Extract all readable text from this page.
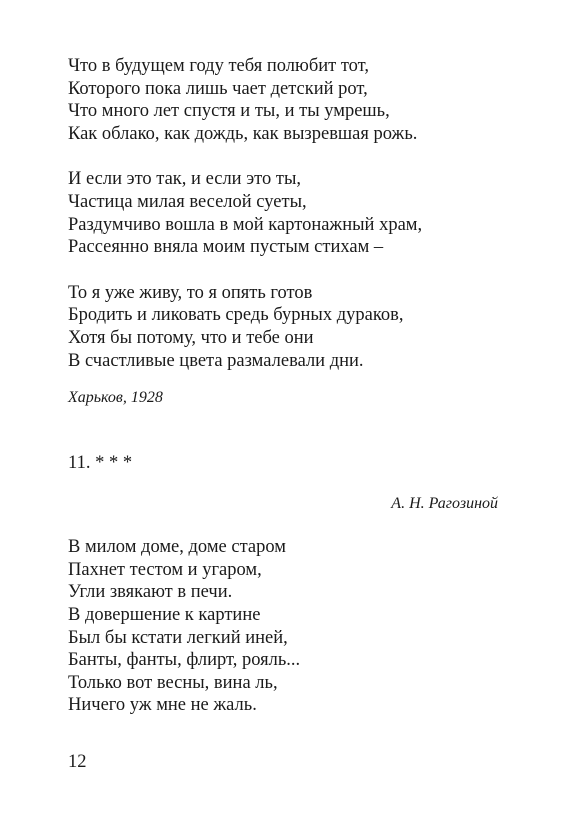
Что в будущем году тебя полюбит тот,
Которого пока лишь чает детский рот,
Что много лет спустя и ты, и ты умрешь,
Как облако, как дождь, как вызревшая рожь.
И если это так, и если это ты,
Частица милая веселой суеты,
Раздумчиво вошла в мой картонажный храм,
Рассеянно вняла моим пустым стихам –
То я уже живу, то я опять готов
Бродить и ликовать средь бурных дураков,
Хотя бы потому, что и тебе они
В счастливые цвета размалевали дни.
Харьков, 1928
11. * * *
А. Н. Рагозиной
В милом доме, доме старом
Пахнет тестом и угаром,
Угли звякают в печи.
В довершение к картине
Был бы кстати легкий иней,
Банты, фанты, флирт, рояль...
Только вот весны, вина ль,
Ничего уж мне не жаль.
12
